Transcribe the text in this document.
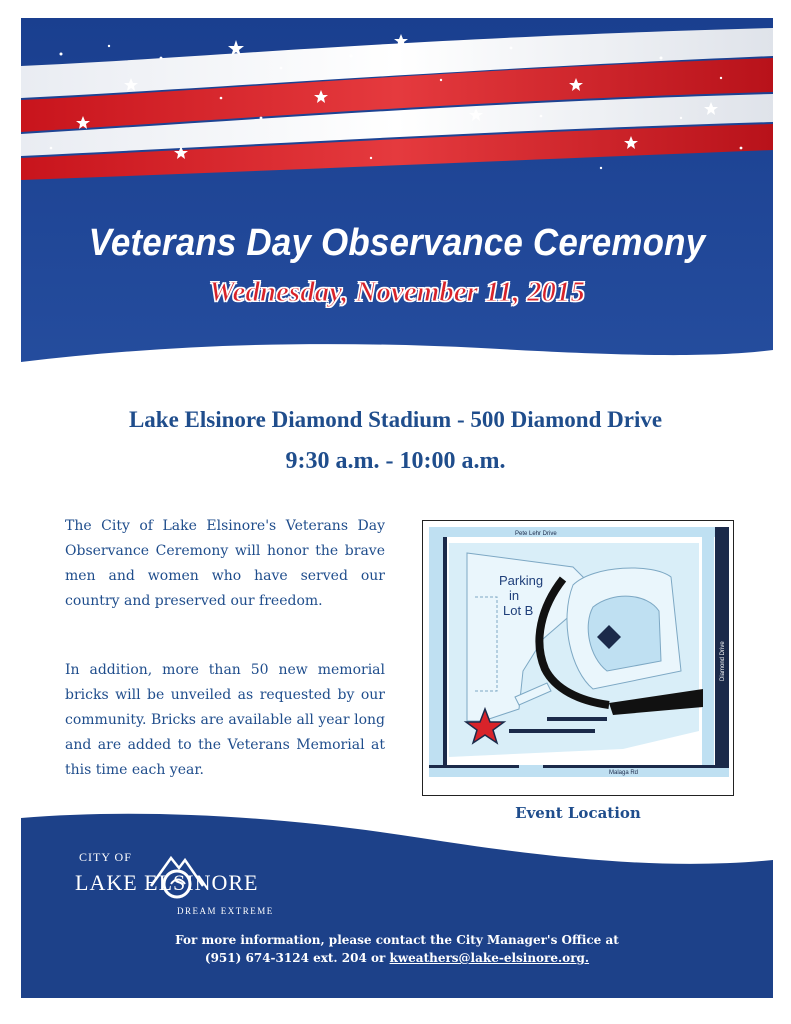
Veterans Day Observance Ceremony
Wednesday, November 11, 2015
Lake Elsinore Diamond Stadium - 500 Diamond Drive
9:30 a.m. - 10:00 a.m.

The City of Lake Elsinore's Veterans Day Observance Ceremony will honor the brave men and women who have served our country and preserved our freedom.

In addition, more than 50 new memorial bricks will be unveiled as requested by our community. Bricks are available all year long and are added to the Veterans Memorial at this time each year.

Pete Lehr Drive
Diamond Drive
Malaga Rd
Parking
in
Lot B
Event Location
CITY OF
LAKE ELSINORE
DREAM EXTREME
For more information, please contact the City Manager's Office at
(951) 674-3124 ext. 204 or kweathers@lake-elsinore.org.
